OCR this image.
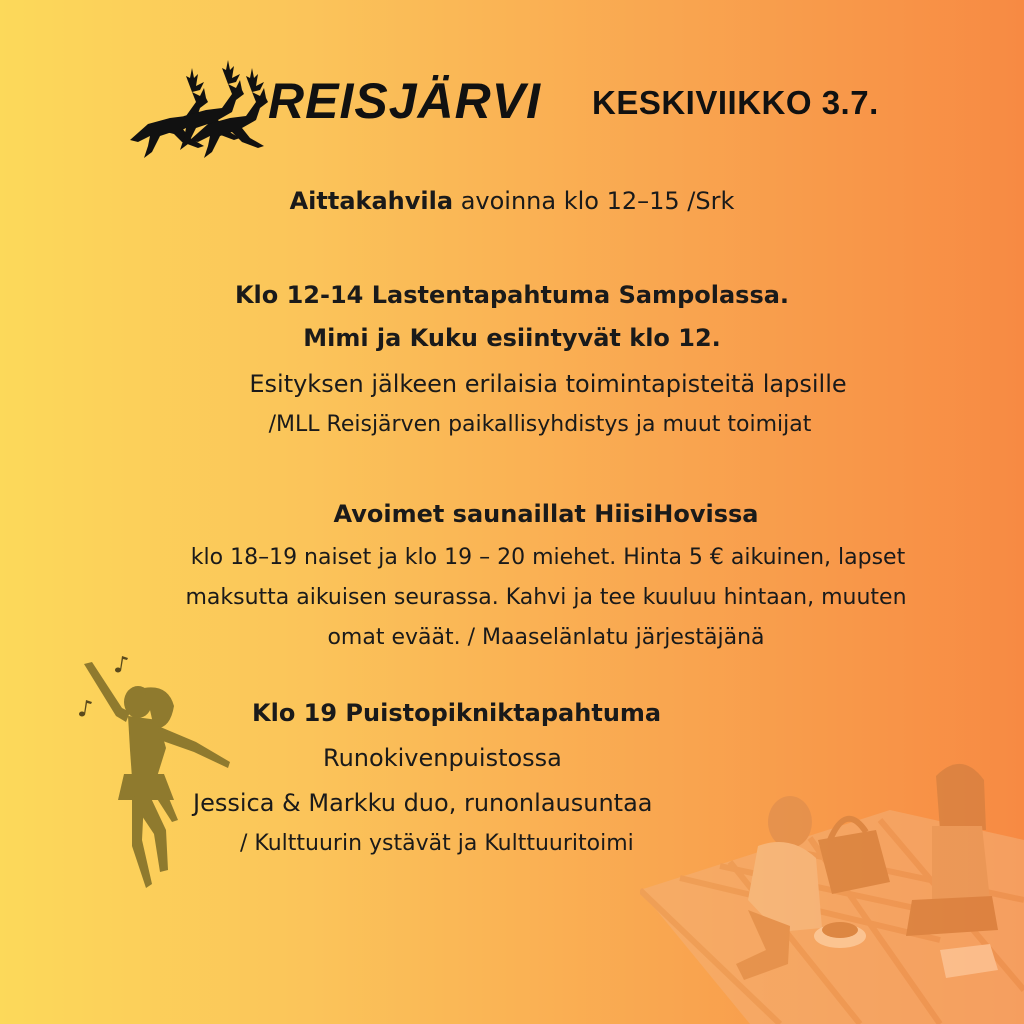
REISJÄRVI KESKIVIIKKO 3.7.
Aittakahvila avoinna klo 12–15 /Srk
Klo 12-14 Lastentapahtuma Sampolassa.
Mimi ja Kuku esiintyvät klo 12.
Esityksen jälkeen erilaisia toimintapisteitä lapsille
/MLL Reisjärven paikallisyhdistys ja muut toimijat
Avoimet saunaillat HiisiHovissa
klo 18–19 naiset ja klo 19 – 20 miehet. Hinta 5 € aikuinen, lapset
maksutta aikuisen seurassa. Kahvi ja tee kuuluu hintaan, muuten
omat eväät. / Maaselänlatu järjestäjänä
Klo 19 Puistopikniktapahtuma
Runokivenpuistossa
Jessica & Markku duo, runonlausuntaa
/ Kulttuurin ystävät ja Kulttuuritoimi
